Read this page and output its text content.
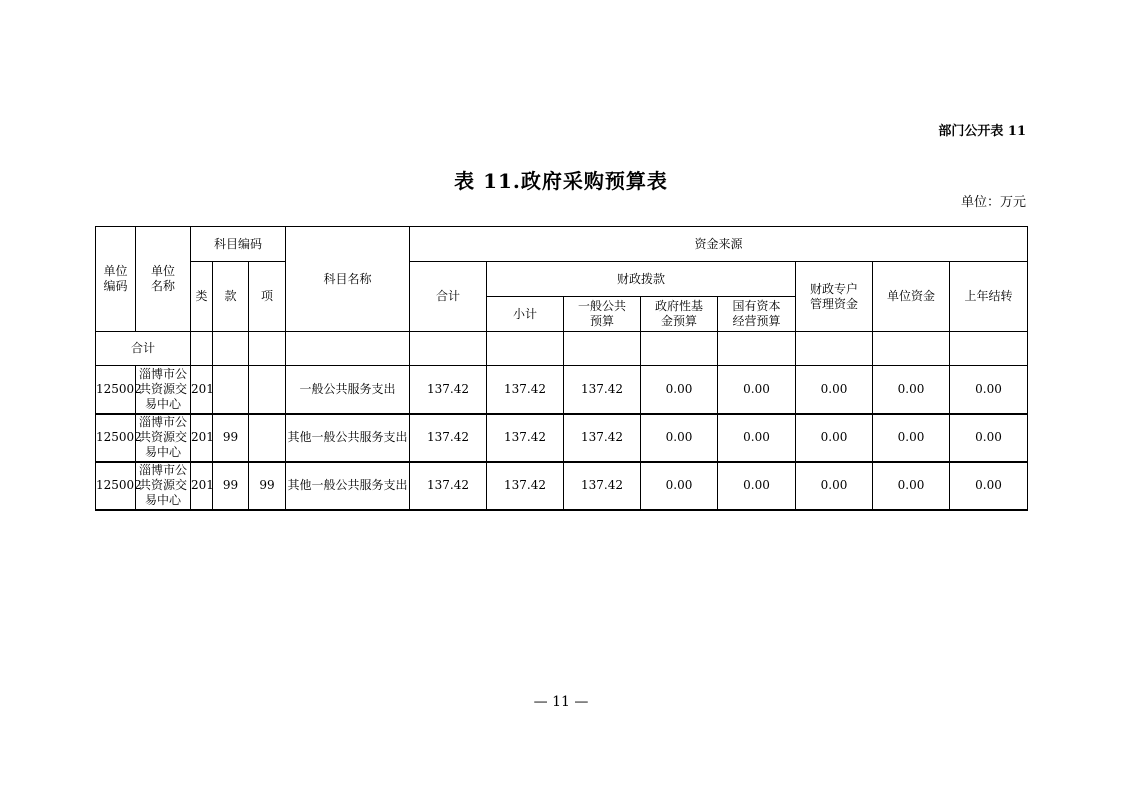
部门公开表 11
表 11.政府采购预算表
单位：万元
单位编码	单位名称	科目编码			科目名称	资金来源							
		类	款	项		合计	财政拨款				财政专户管理资金	单位资金	上年结转
							小计	一般公共预算	政府性基金预算	国有资本经营预算			
合计													
125002	淄博市公共资源交易中心	201			一般公共服务支出	137.42	137.42	137.42	0.00	0.00	0.00	0.00	0.00
125002	淄博市公共资源交易中心	201	99		其他一般公共服务支出	137.42	137.42	137.42	0.00	0.00	0.00	0.00	0.00
125002	淄博市公共资源交易中心	201	99	99	其他一般公共服务支出	137.42	137.42	137.42	0.00	0.00	0.00	0.00	0.00
— 11 —
